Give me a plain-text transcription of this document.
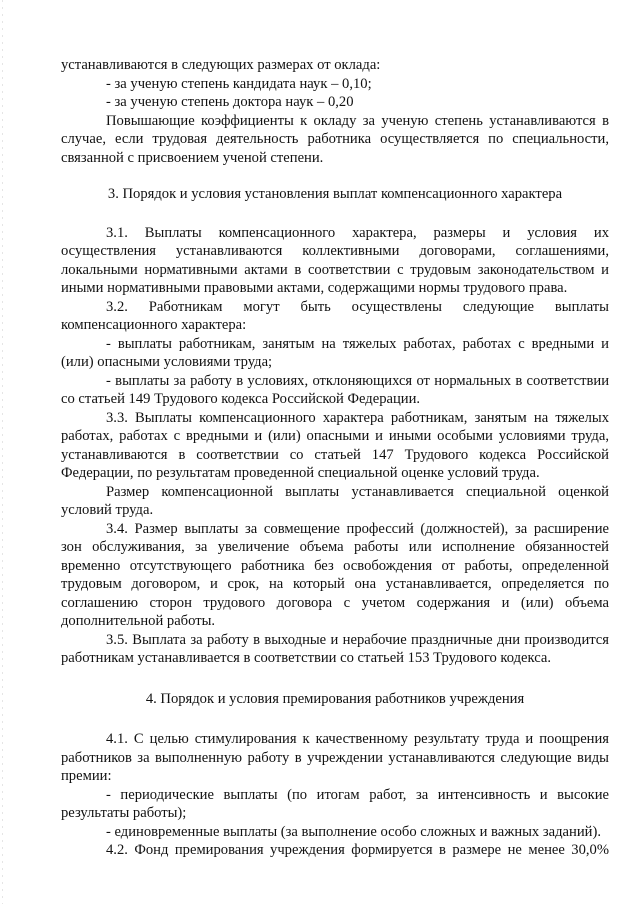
устанавливаются в следующих размерах от оклада:

- за ученую степень кандидата наук – 0,10;

- за ученую степень доктора наук – 0,20

Повышающие коэффициенты к окладу за ученую степень устанавливаются в случае, если трудовая деятельность работника осуществляется по специальности, связанной с присвоением ученой степени.

3. Порядок и условия установления выплат компенсационного характера

3.1. Выплаты компенсационного характера, размеры и условия их осуществления устанавливаются коллективными договорами, соглашениями, локальными нормативными актами в соответствии с трудовым законодательством и иными нормативными правовыми актами, содержащими нормы трудового права.

3.2. Работникам могут быть осуществлены следующие выплаты

компенсационного характера:

- выплаты работникам, занятым на тяжелых работах, работах с вредными и (или) опасными условиями труда;

- выплаты за работу в условиях, отклоняющихся от нормальных в соответствии со статьей 149 Трудового кодекса Российской Федерации.

3.3. Выплаты компенсационного характера работникам, занятым на тяжелых работах, работах с вредными и (или) опасными и иными особыми условиями труда, устанавливаются в соответствии со статьей 147 Трудового кодекса Российской Федерации, по результатам проведенной специальной оценке условий труда.

Размер компенсационной выплаты устанавливается специальной оценкой условий труда.

3.4. Размер выплаты за совмещение профессий (должностей), за расширение зон обслуживания, за увеличение объема работы или исполнение обязанностей временно отсутствующего работника без освобождения от работы, определенной трудовым договором, и срок, на который она устанавливается, определяется по соглашению сторон трудового договора с учетом содержания и (или) объема дополнительной работы.

3.5. Выплата за работу в выходные и нерабочие праздничные дни производится работникам устанавливается в соответствии со статьей 153 Трудового кодекса.

4. Порядок и условия премирования работников учреждения

4.1. С целью стимулирования к качественному результату труда и поощрения работников за выполненную работу в учреждении устанавливаются следующие виды премии:

- периодические выплаты (по итогам работ, за интенсивность и высокие результаты работы);

- единовременные выплаты (за выполнение особо сложных и важных заданий).

4.2. Фонд премирования учреждения формируется в размере не менее 30,0%
